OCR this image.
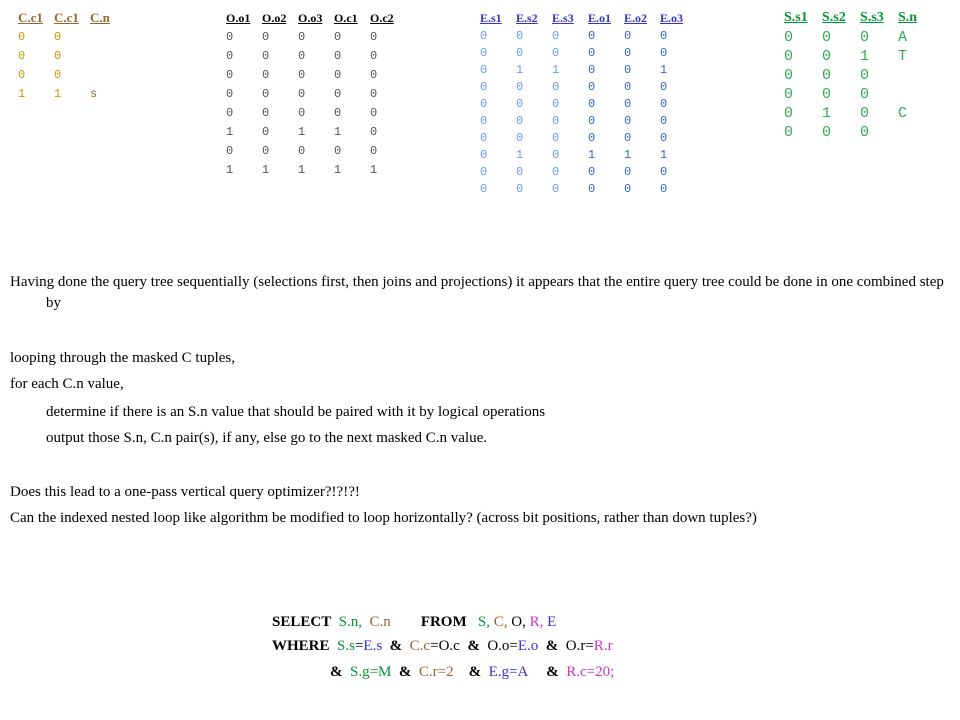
C.c1
0
0
0
1
C.c1
0
0
0
1
C.n

s
O.o1
0
0
0
0
0
1
0
1
O.o2
0
0
0
0
0
0
0
1
O.o3
0
0
0
0
0
1
0
1
O.c1
0
0
0
0
0
1
0
1
O.c2
0
0
0
0
0
0
0
1
E.s1
0
0
0
0
0
0
0
0
0
0
E.s2
0
0
1
0
0
0
0
1
0
0
E.s3
0
0
1
0
0
0
0
0
0
0
E.o1
0
0
0
0
0
0
0
1
0
0
E.o2
0
0
0
0
0
0
0
1
0
0
E.o3
0
0
1
0
0
0
0
1
0
0
S.s1
0
0
0
0
0
0
S.s2
0
0
0
0
1
0
S.s3
0
1
0
0
0
0
S.n
A
T

C

Having done the query tree sequentially (selections first, then joins and projections) it appears that the entire query tree could be done in one combined step by
looping through the masked C tuples,
for each C.n value,
determine if there is an S.n value that should be paired with it by logical operations
output those S.n, C.n pair(s), if any, else go to the next masked C.n value.
Does this lead to a one-pass vertical query optimizer?!?!?!
Can the indexed nested loop like algorithm be modified to loop horizontally? (across bit positions, rather than down tuples?)
SELECT S.n, C.n FROM S, C, O, R, E
WHERE S.s=E.s & C.c=O.c & O.o=E.o & O.r=R.r
& S.g=M & C.r=2 & E.g=A & R.c=20;
